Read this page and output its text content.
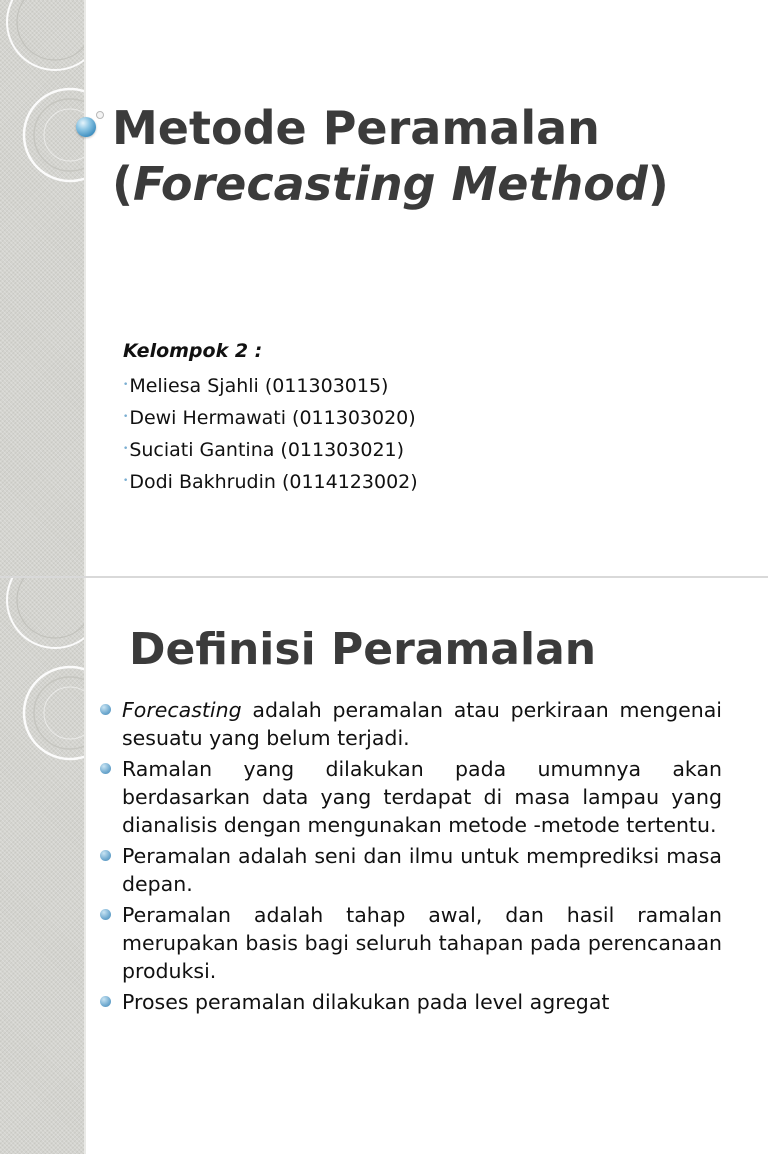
Metode Peramalan
(Forecasting Method)

Kelompok 2 :

•Meliesa Sjahli (011303015)
•Dewi Hermawati (011303020)
•Suciati Gantina (011303021)
•Dodi Bakhrudin (0114123002)
Definisi Peramalan
Forecasting adalah peramalan atau perkiraan mengenai sesuatu yang belum terjadi.
Ramalan yang dilakukan pada umumnya akan berdasarkan data yang terdapat di masa lampau yang dianalisis dengan mengunakan metode -metode tertentu.
Peramalan adalah seni dan ilmu untuk memprediksi masa depan.
Peramalan adalah tahap awal, dan hasil ramalan merupakan basis bagi seluruh tahapan pada perencanaan produksi.
Proses peramalan dilakukan pada level agregat
